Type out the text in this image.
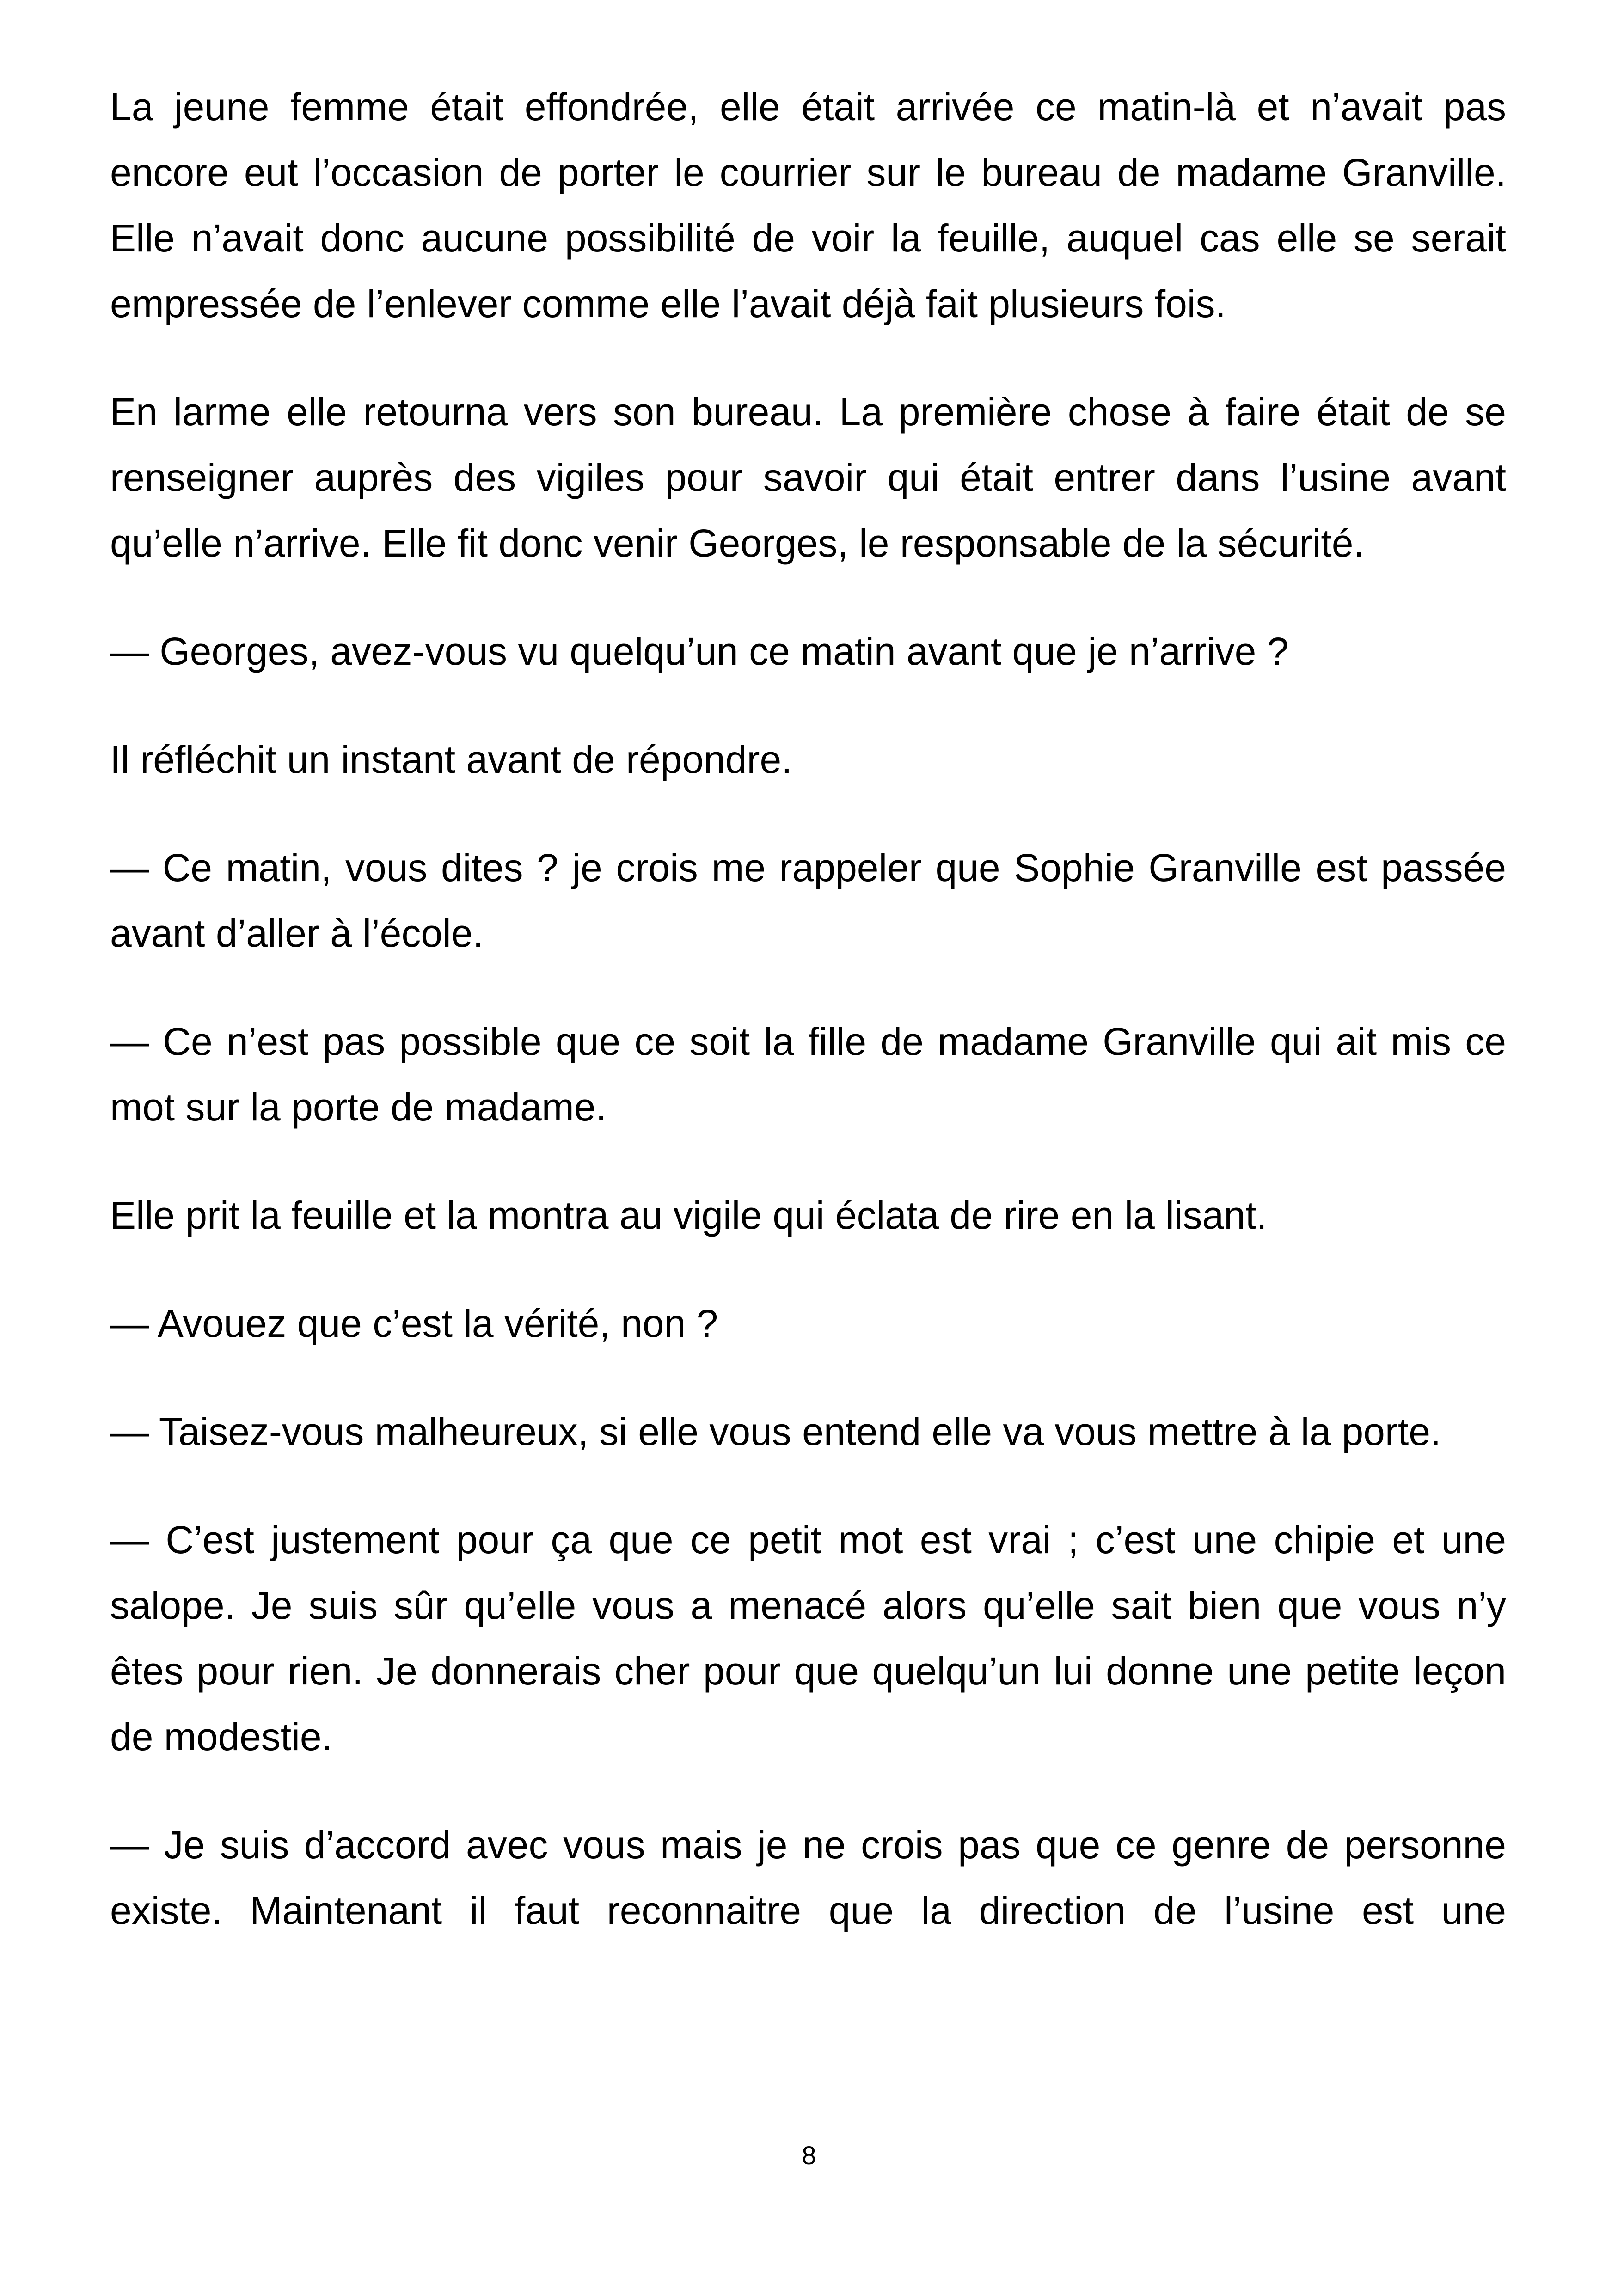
La jeune femme était effondrée, elle était arrivée ce matin-là et n’avait pas encore eut l’occasion de porter le courrier sur le bureau de madame Granville. Elle n’avait donc aucune possibilité de voir la feuille, auquel cas elle se serait empressée de l’enlever comme elle l’avait déjà fait plusieurs fois.

En larme elle retourna vers son bureau. La première chose à faire était de se renseigner auprès des vigiles pour savoir qui était entrer dans l’usine avant qu’elle n’arrive. Elle fit donc venir Georges, le responsable de la sécurité.

— Georges, avez-vous vu quelqu’un ce matin avant que je n’arrive ?

Il réfléchit un instant avant de répondre.

— Ce matin, vous dites ? je crois me rappeler que Sophie Granville est passée avant d’aller à l’école.

— Ce n’est pas possible que ce soit la fille de madame Granville qui ait mis ce mot sur la porte de madame.

Elle prit la feuille et la montra au vigile qui éclata de rire en la lisant.

— Avouez que c’est la vérité, non ?

— Taisez-vous malheureux, si elle vous entend elle va vous mettre à la porte.

— C’est justement pour ça que ce petit mot est vrai ; c’est une chipie et une salope. Je suis sûr qu’elle vous a menacé alors qu’elle sait bien que vous n’y êtes pour rien. Je donnerais cher pour que quelqu’un lui donne une petite leçon de modestie.

— Je suis d’accord avec vous mais je ne crois pas que ce genre de personne existe. Maintenant il faut reconnaitre que la direction de l’usine est une

8
